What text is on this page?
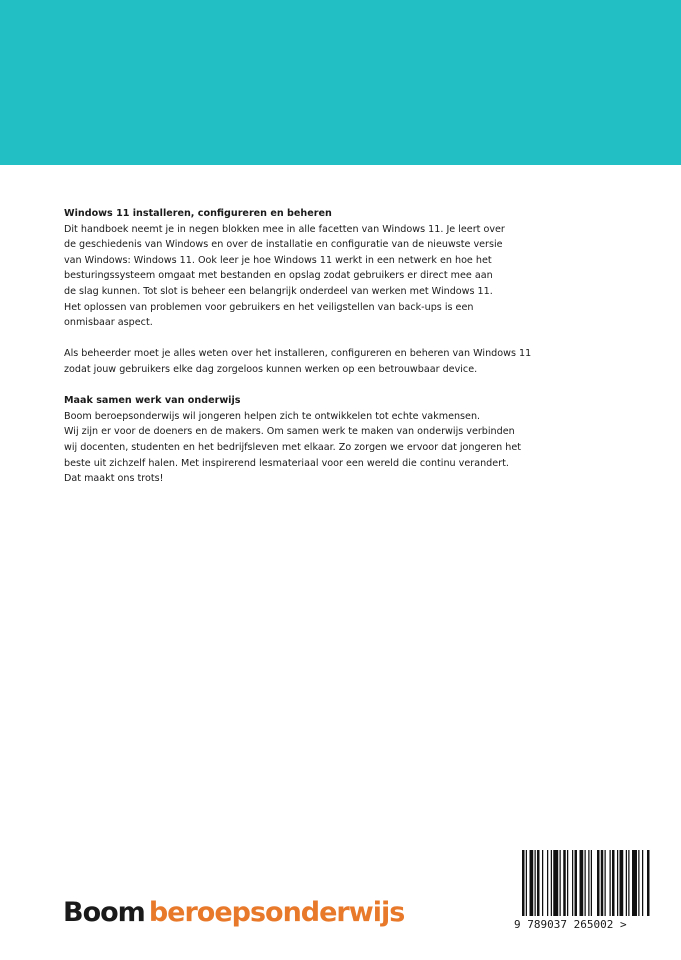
Windows 11 installeren, configureren en beheren

Dit handboek neemt je in negen blokken mee in alle facetten van Windows 11. Je leert over
de geschiedenis van Windows en over de installatie en configuratie van de nieuwste versie
van Windows: Windows 11. Ook leer je hoe Windows 11 werkt in een netwerk en hoe het
besturingssysteem omgaat met bestanden en opslag zodat gebruikers er direct mee aan
de slag kunnen. Tot slot is beheer een belangrijk onderdeel van werken met Windows 11.
Het oplossen van problemen voor gebruikers en het veiligstellen van back-ups is een
onmisbaar aspect.

Als beheerder moet je alles weten over het installeren, configureren en beheren van Windows 11
zodat jouw gebruikers elke dag zorgeloos kunnen werken op een betrouwbaar device.

Maak samen werk van onderwijs

Boom beroepsonderwijs wil jongeren helpen zich te ontwikkelen tot echte vakmensen.
Wij zijn er voor de doeners en de makers. Om samen werk te maken van onderwijs verbinden
wij docenten, studenten en het bedrijfsleven met elkaar. Zo zorgen we ervoor dat jongeren het
beste uit zichzelf halen. Met inspirerend lesmateriaal voor een wereld die continu verandert.
Dat maakt ons trots!

Boom beroepsonderwijs	9 789037 265002 >
